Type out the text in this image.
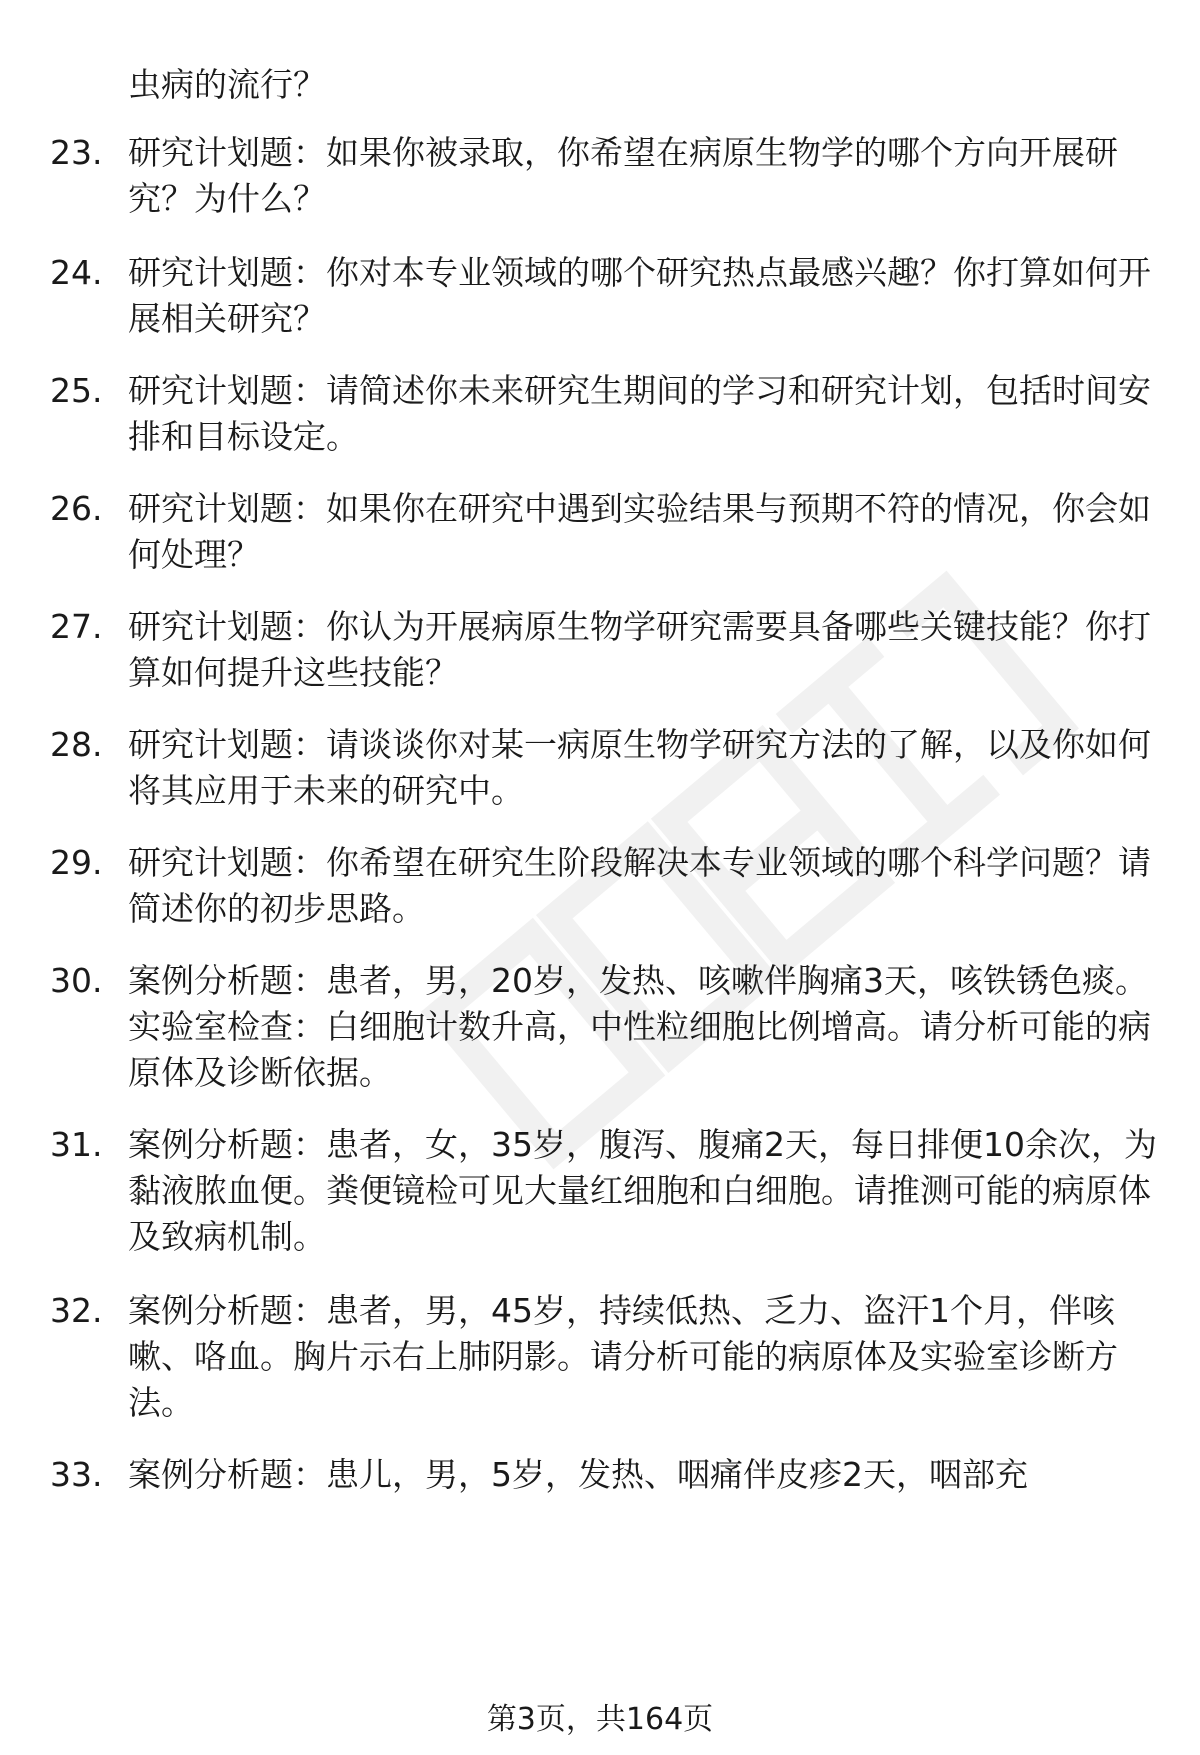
虫病的流行？
23. 研究计划题：如果你被录取，你希望在病原生物学的哪个方向开展研究？为什么？
24. 研究计划题：你对本专业领域的哪个研究热点最感兴趣？你打算如何开展相关研究？
25. 研究计划题：请简述你未来研究生期间的学习和研究计划，包括时间安排和目标设定。
26. 研究计划题：如果你在研究中遇到实验结果与预期不符的情况，你会如何处理？
27. 研究计划题：你认为开展病原生物学研究需要具备哪些关键技能？你打算如何提升这些技能？
28. 研究计划题：请谈谈你对某一病原生物学研究方法的了解，以及你如何将其应用于未来的研究中。
29. 研究计划题：你希望在研究生阶段解决本专业领域的哪个科学问题？请简述你的初步思路。
30. 案例分析题：患者，男，20岁，发热、咳嗽伴胸痛3天，咳铁锈色痰。实验室检查：白细胞计数升高，中性粒细胞比例增高。请分析可能的病原体及诊断依据。
31. 案例分析题：患者，女，35岁，腹泻、腹痛2天，每日排便10余次，为黏液脓血便。粪便镜检可见大量红细胞和白细胞。请推测可能的病原体及致病机制。
32. 案例分析题：患者，男，45岁，持续低热、乏力、盗汗1个月，伴咳嗽、咯血。胸片示右上肺阴影。请分析可能的病原体及实验室诊断方法。
33. 案例分析题：患儿，男，5岁，发热、咽痛伴皮疹2天，咽部充
第3页，共164页
